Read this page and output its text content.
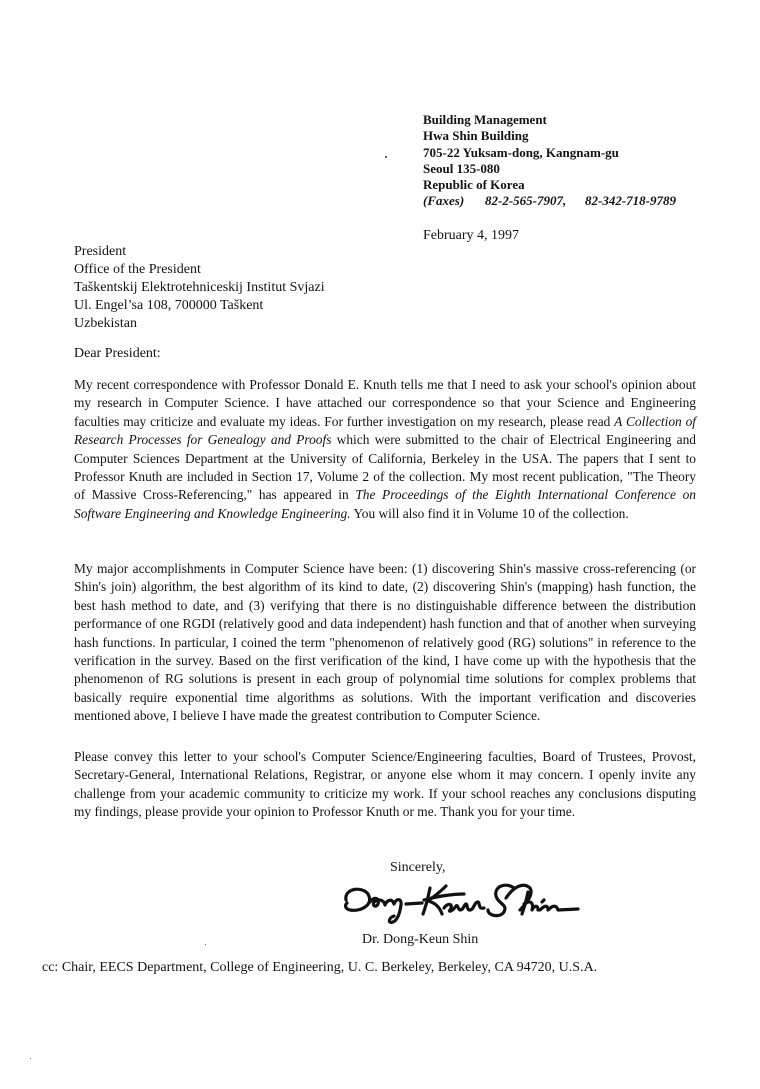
Building Management
Hwa Shin Building
705-22 Yuksam-dong, Kangnam-gu
Seoul 135-080
Republic of Korea
(Faxes) 82-2-565-7907, 82-342-718-9789
February 4, 1997
President
Office of the President
Taškentskij Elektrotehniceskij Institut Svjazi
Ul. Engel’sa 108, 700000 Taškent
Uzbekistan
Dear President:

My recent correspondence with Professor Donald E. Knuth tells me that I need to ask your school's opinion about my research in Computer Science. I have attached our correspondence so that your Science and Engineering faculties may criticize and evaluate my ideas. For further investigation on my research, please read A Collection of Research Processes for Genealogy and Proofs which were submitted to the chair of Electrical Engineering and Computer Sciences Department at the University of California, Berkeley in the USA. The papers that I sent to Professor Knuth are included in Section 17, Volume 2 of the collection. My most recent publication, "The Theory of Massive Cross-Referencing," has appeared in The Proceedings of the Eighth International Conference on Software Engineering and Knowledge Engineering. You will also find it in Volume 10 of the collection.

My major accomplishments in Computer Science have been: (1) discovering Shin's massive cross-referencing (or Shin's join) algorithm, the best algorithm of its kind to date, (2) discovering Shin's (mapping) hash function, the best hash method to date, and (3) verifying that there is no distinguishable difference between the distribution performance of one RGDI (relatively good and data independent) hash function and that of another when surveying hash functions. In particular, I coined the term "phenomenon of relatively good (RG) solutions" in reference to the verification in the survey. Based on the first verification of the kind, I have come up with the hypothesis that the phenomenon of RG solutions is present in each group of polynomial time solutions for complex problems that basically require exponential time algorithms as solutions. With the important verification and discoveries mentioned above, I believe I have made the greatest contribution to Computer Science.

Please convey this letter to your school's Computer Science/Engineering faculties, Board of Trustees, Provost, Secretary-General, International Relations, Registrar, or anyone else whom it may concern. I openly invite any challenge from your academic community to criticize my work. If your school reaches any conclusions disputing my findings, please provide your opinion to Professor Knuth or me. Thank you for your time.

Sincerely,
Dr. Dong-Keun Shin
cc: Chair, EECS Department, College of Engineering, U. C. Berkeley, Berkeley, CA 94720, U.S.A.
